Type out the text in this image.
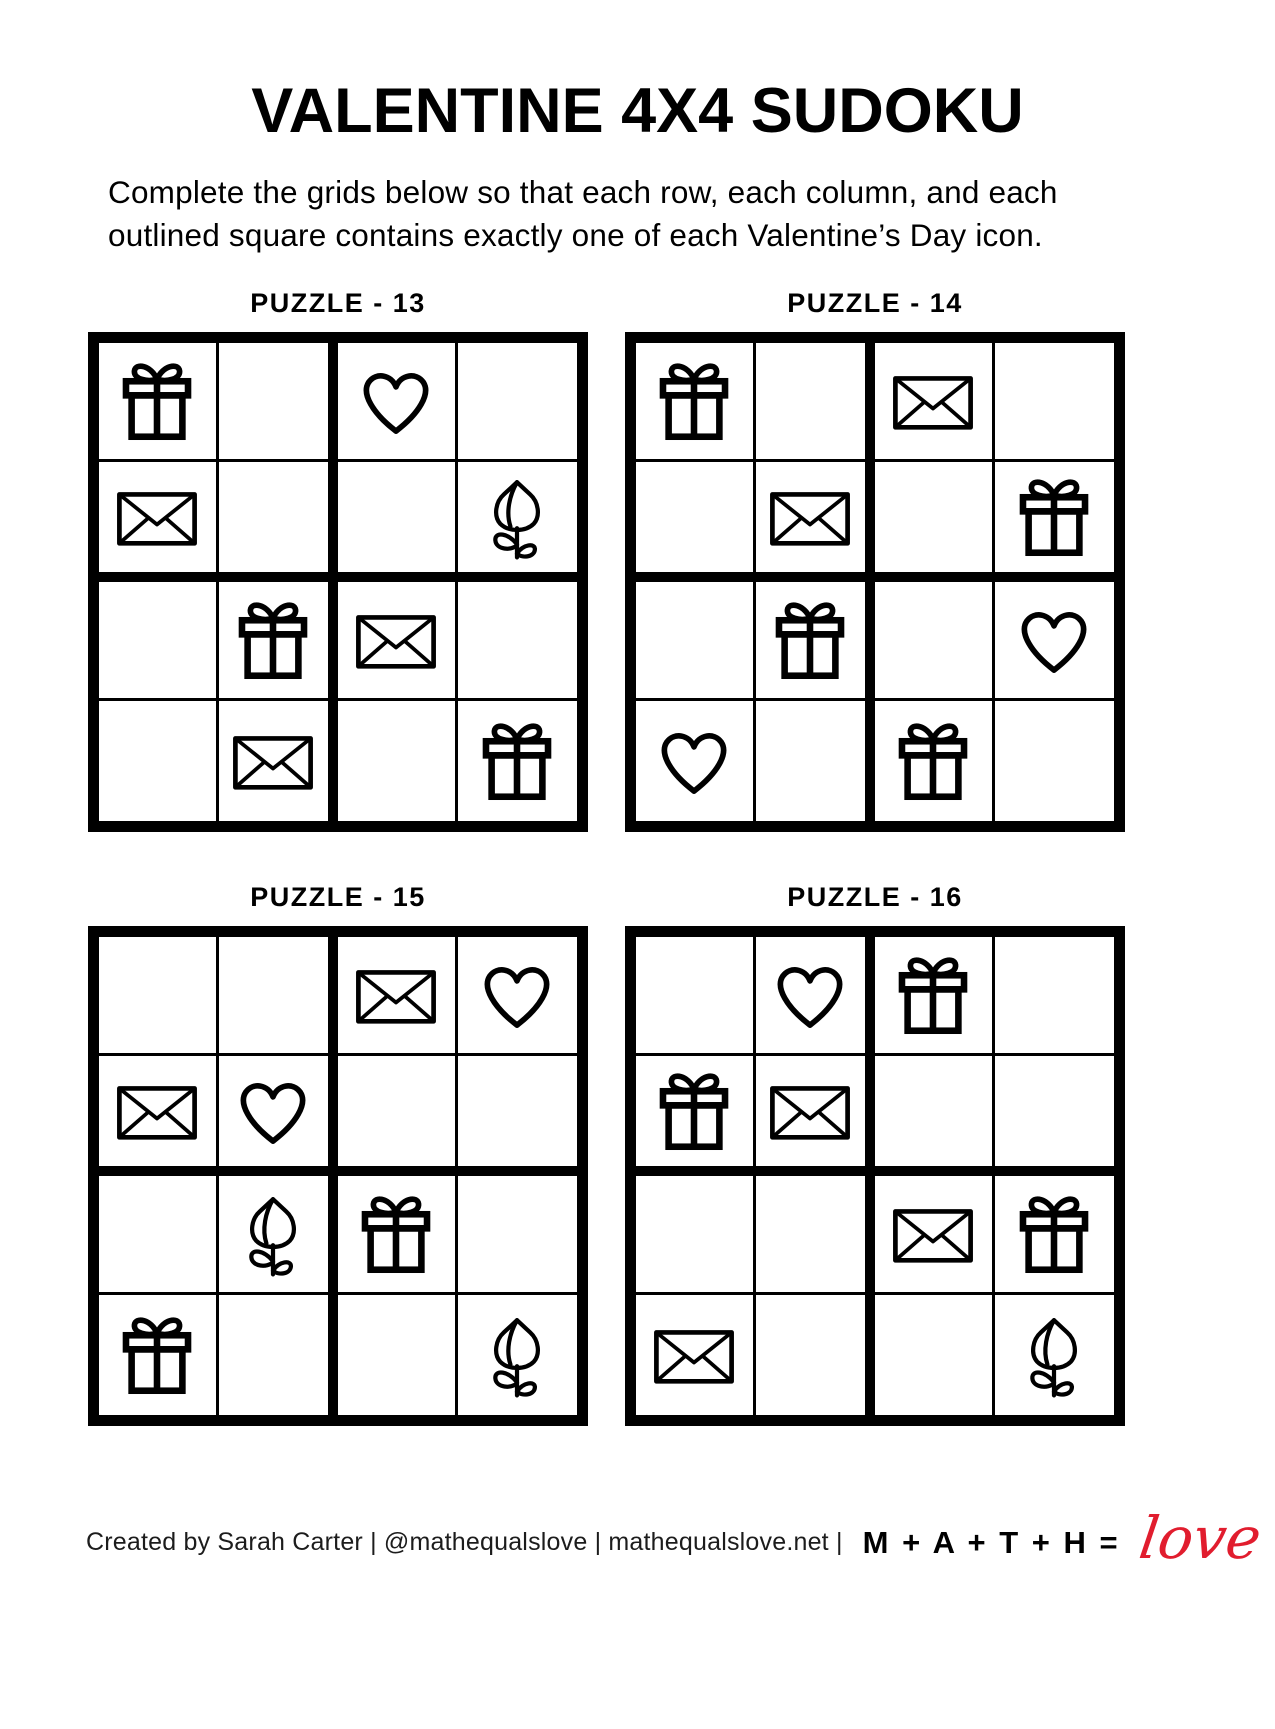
VALENTINE 4X4 SUDOKU

Complete the grids below so that each row, each column, and each outlined square contains exactly one of each Valentine’s Day icon.

PUZZLE - 13	PUZZLE - 14
PUZZLE - 15	PUZZLE - 16
Created by Sarah Carter | @mathequalslove | mathequalslove.net | M + A + T + H = love
